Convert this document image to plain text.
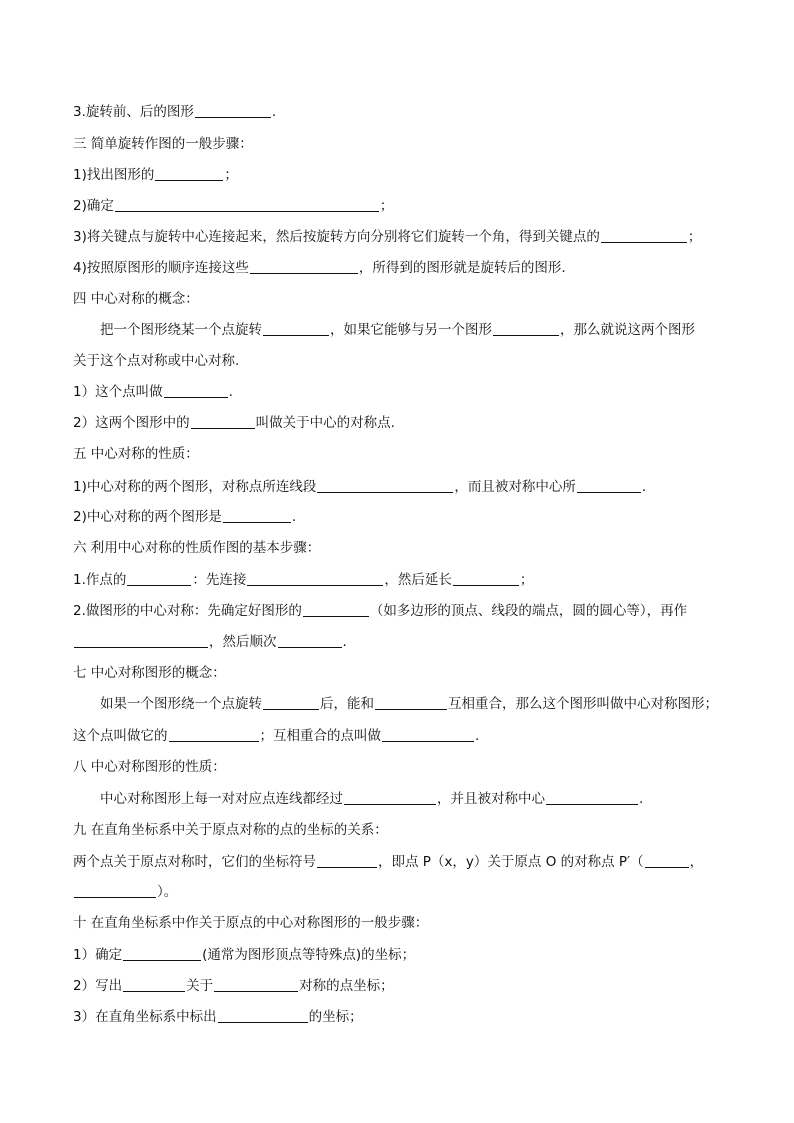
3.旋转前、后的图形	.
三 简单旋转作图的一般步骤：
1)找出图形的	；
2)确定	；
3)将关键点与旋转中心连接起来，然后按旋转方向分别将它们旋转一个角，得到关键点的	；
4)按照原图形的顺序连接这些	，所得到的图形就是旋转后的图形.
四 中心对称的概念：
把一个图形绕某一个点旋转	，如果它能够与另一个图形	，那么就说这两个图形
关于这个点对称或中心对称.
1）这个点叫做	.
2）这两个图形中的	叫做关于中心的对称点.
五 中心对称的性质：
1)中心对称的两个图形，对称点所连线段	，而且被对称中心所	.
2)中心对称的两个图形是	.
六 利用中心对称的性质作图的基本步骤：
1.作点的	：先连接	，然后延长	；
2.做图形的中心对称：先确定好图形的	（如多边形的顶点、线段的端点，圆的圆心等），再作
，然后顺次	.
七 中心对称图形的概念：
如果一个图形绕一个点旋转	后，能和	互相重合，那么这个图形叫做中心对称图形；
这个点叫做它的	；互相重合的点叫做	.
八 中心对称图形的性质：
中心对称图形上每一对对应点连线都经过	，并且被对称中心	.
九 在直角坐标系中关于原点对称的点的坐标的关系：
两个点关于原点对称时，它们的坐标符号	，即点 P（x，y）关于原点 O 的对称点 P′（	，
）。
十 在直角坐标系中作关于原点的中心对称图形的一般步骤：
1）确定	(通常为图形顶点等特殊点)的坐标；
2）写出	关于	对称的点坐标；
3）在直角坐标系中标出	的坐标；
